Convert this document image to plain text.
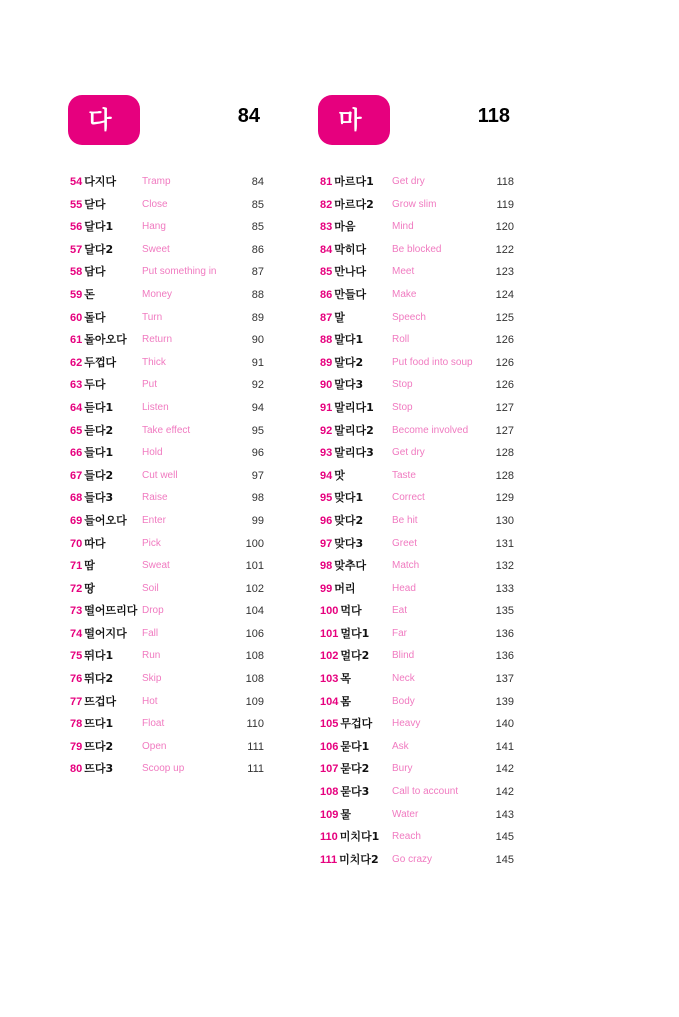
다	84
54 다지다	Tramp	84
55 닫다	Close	85
56 달다1	Hang	85
57 달다2	Sweet	86
58 담다	Put something in	87
59 돈	Money	88
60 돌다	Turn	89
61 돌아오다 Return	90
62 두껍다	Thick	91
63 두다	Put	92
64 듣다1	Listen	94
65 듣다2	Take effect	95
66 들다1	Hold	96
67 들다2	Cut well	97
68 들다3	Raise	98
69 들어오다 Enter	99
70 따다	Pick	100
71 땀	Sweat	101
72 땅	Soil	102
73 떨어뜨리다 Drop	104
74 떨어지다 Fall	106
75 뛰다1	Run	108
76 뛰다2	Skip	108
77 뜨겁다	Hot	109
78 뜨다1	Float	110
79 뜨다2	Open	111
80 뜨다3	Scoop up	111
마	118
81 마르다1 Get dry	118
82 마르다2 Grow slim	119
83 마음	Mind	120
84 막히다	Be blocked	122
85 만나다	Meet	123
86 만들다	Make	124
87 말	Speech	125
88 말다1	Roll	126
89 말다2	Put food into soup 126
90 말다3	Stop	126
91 말리다1 Stop	127
92 말리다2 Become involved 127
93 말리다3 Get dry	128
94 맛	Taste	128
95 맞다1	Correct	129
96 맞다2	Be hit	130
97 맞다3	Greet	131
98 맞추다	Match	132
99 머리	Head	133
100 먹다	Eat	135
101 멀다1 Far	136
102 멀다2 Blind	136
103 목	Neck	137
104 몸	Body	139
105 무겁다 Heavy	140
106 묻다1 Ask	141
107 묻다2 Bury	142
108 묻다3 Call to account	142
109 물	Water	143
110 미치다1 Reach	145
111 미치다2 Go crazy	145
